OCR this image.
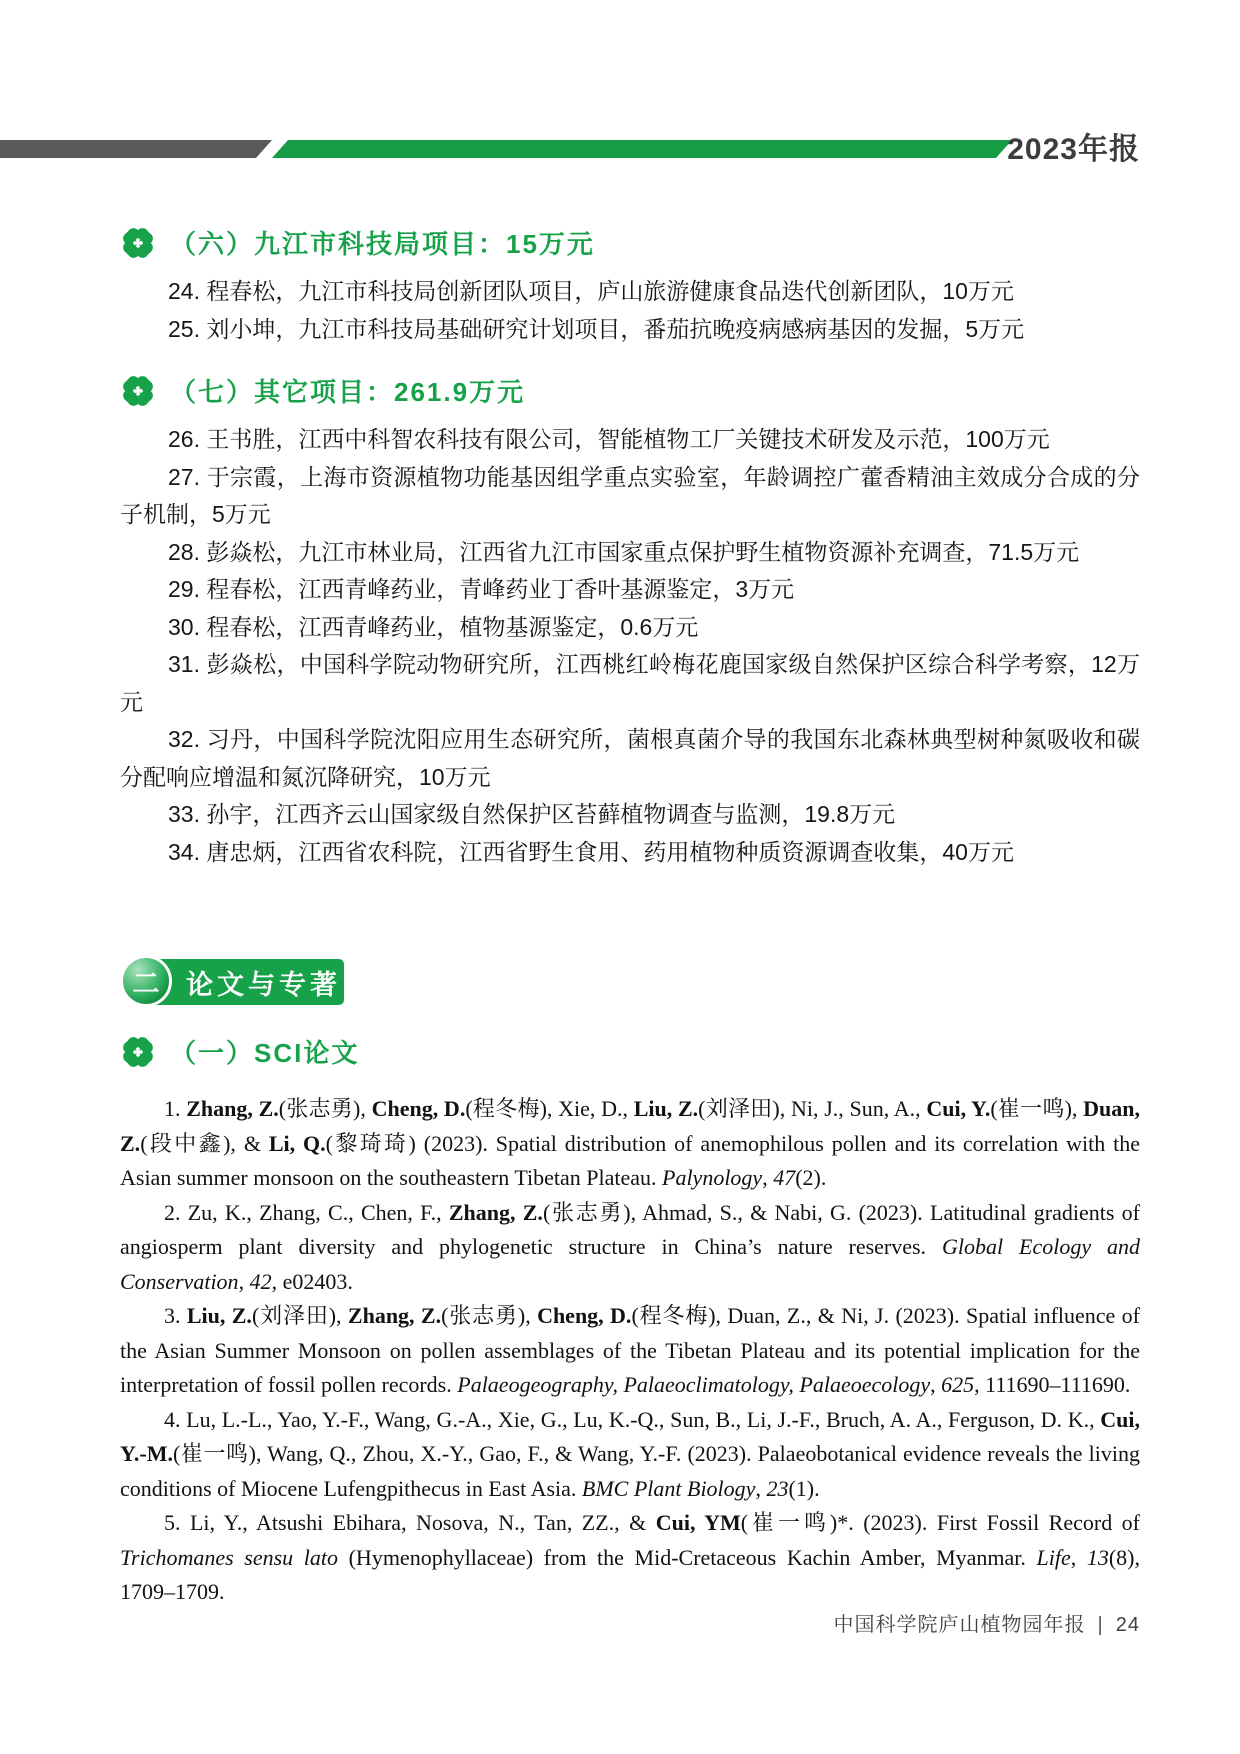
2023年报
（六）九江市科技局项目：15万元

24. 程春松，九江市科技局创新团队项目，庐山旅游健康食品迭代创新团队，10万元

25. 刘小坤，九江市科技局基础研究计划项目，番茄抗晚疫病感病基因的发掘，5万元

（七）其它项目：261.9万元

26. 王书胜，江西中科智农科技有限公司，智能植物工厂关键技术研发及示范，100万元

27. 于宗霞，上海市资源植物功能基因组学重点实验室，年龄调控广藿香精油主效成分合成的分子机制，5万元

28. 彭焱松，九江市林业局，江西省九江市国家重点保护野生植物资源补充调查，71.5万元

29. 程春松，江西青峰药业，青峰药业丁香叶基源鉴定，3万元

30. 程春松，江西青峰药业，植物基源鉴定，0.6万元

31. 彭焱松，中国科学院动物研究所，江西桃红岭梅花鹿国家级自然保护区综合科学考察，12万元

32. 习丹，中国科学院沈阳应用生态研究所，菌根真菌介导的我国东北森林典型树种氮吸收和碳分配响应增温和氮沉降研究，10万元

33. 孙宇，江西齐云山国家级自然保护区苔藓植物调查与监测，19.8万元

34. 唐忠炳，江西省农科院，江西省野生食用、药用植物种质资源调查收集，40万元

论文与专著
二
（一）SCI论文

1. Zhang, Z.(张志勇), Cheng, D.(程冬梅), Xie, D., Liu, Z.(刘泽田), Ni, J., Sun, A., Cui, Y.(崔一鸣), Duan, Z.(段中鑫), & Li, Q.(黎琦琦) (2023). Spatial distribution of anemophilous pollen and its correlation with the Asian summer monsoon on the southeastern Tibetan Plateau. Palynology, 47(2).

2. Zu, K., Zhang, C., Chen, F., Zhang, Z.(张志勇), Ahmad, S., & Nabi, G. (2023). Latitudinal gradients of angiosperm plant diversity and phylogenetic structure in China’s nature reserves. Global Ecology and Conservation, 42, e02403.

3. Liu, Z.(刘泽田), Zhang, Z.(张志勇), Cheng, D.(程冬梅), Duan, Z., & Ni, J. (2023). Spatial influence of the Asian Summer Monsoon on pollen assemblages of the Tibetan Plateau and its potential implication for the interpretation of fossil pollen records. Palaeogeography, Palaeoclimatology, Palaeoecology, 625, 111690–111690.

4. Lu, L.-L., Yao, Y.-F., Wang, G.-A., Xie, G., Lu, K.-Q., Sun, B., Li, J.-F., Bruch, A. A., Ferguson, D. K., Cui, Y.-M.(崔一鸣), Wang, Q., Zhou, X.-Y., Gao, F., & Wang, Y.-F. (2023). Palaeobotanical evidence reveals the living conditions of Miocene Lufengpithecus in East Asia. BMC Plant Biology, 23(1).

5. Li, Y., Atsushi Ebihara, Nosova, N., Tan, ZZ., & Cui, YM(崔一鸣)*. (2023). First Fossil Record of Trichomanes sensu lato (Hymenophyllaceae) from the Mid-Cretaceous Kachin Amber, Myanmar. Life, 13(8), 1709–1709.

中国科学院庐山植物园年报 | 24
